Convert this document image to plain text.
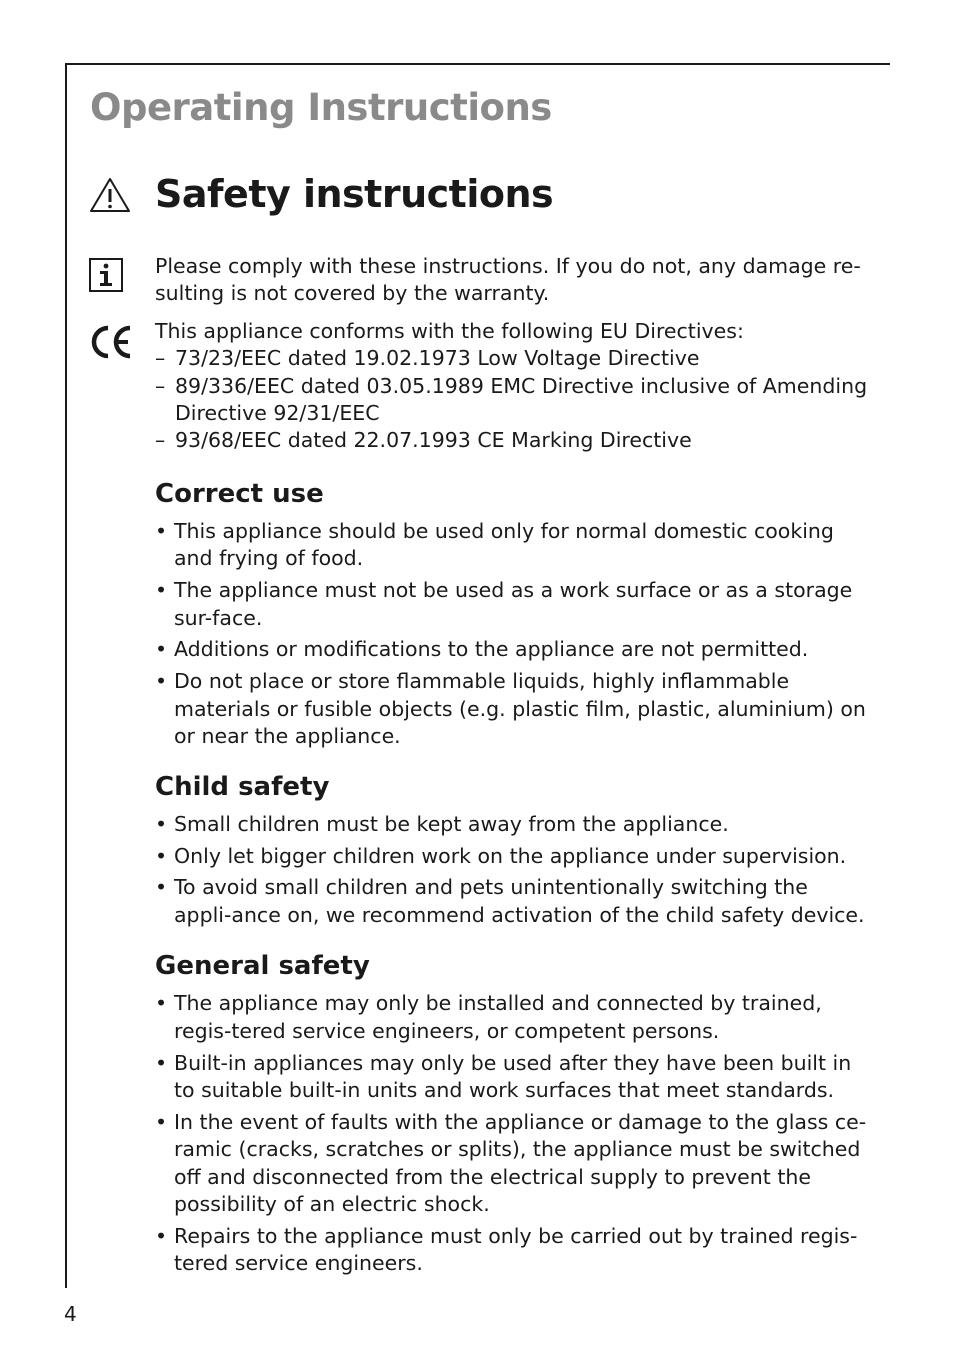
Operating Instructions
Safety instructions

Please comply with these instructions. If you do not, any damage re-sulting is not covered by the warranty.

This appliance conforms with the following EU Directives:

– 73/23/EEC dated 19.02.1973 Low Voltage Directive
– 89/336/EEC dated 03.05.1989 EMC Directive inclusive of Amending Directive 92/31/EEC
– 93/68/EEC dated 22.07.1993 CE Marking Directive
Correct use
• This appliance should be used only for normal domestic cooking and frying of food.
• The appliance must not be used as a work surface or as a storage sur-face.
• Additions or modifications to the appliance are not permitted.
• Do not place or store flammable liquids, highly inflammable materials or fusible objects (e.g. plastic film, plastic, aluminium) on or near the appliance.
Child safety
• Small children must be kept away from the appliance.
• Only let bigger children work on the appliance under supervision.
• To avoid small children and pets unintentionally switching the appli-ance on, we recommend activation of the child safety device.
General safety
• The appliance may only be installed and connected by trained, regis-tered service engineers, or competent persons.
• Built-in appliances may only be used after they have been built in to suitable built-in units and work surfaces that meet standards.
• In the event of faults with the appliance or damage to the glass ce-ramic (cracks, scratches or splits), the appliance must be switched off and disconnected from the electrical supply to prevent the possibility of an electric shock.
• Repairs to the appliance must only be carried out by trained regis-tered service engineers.
4
